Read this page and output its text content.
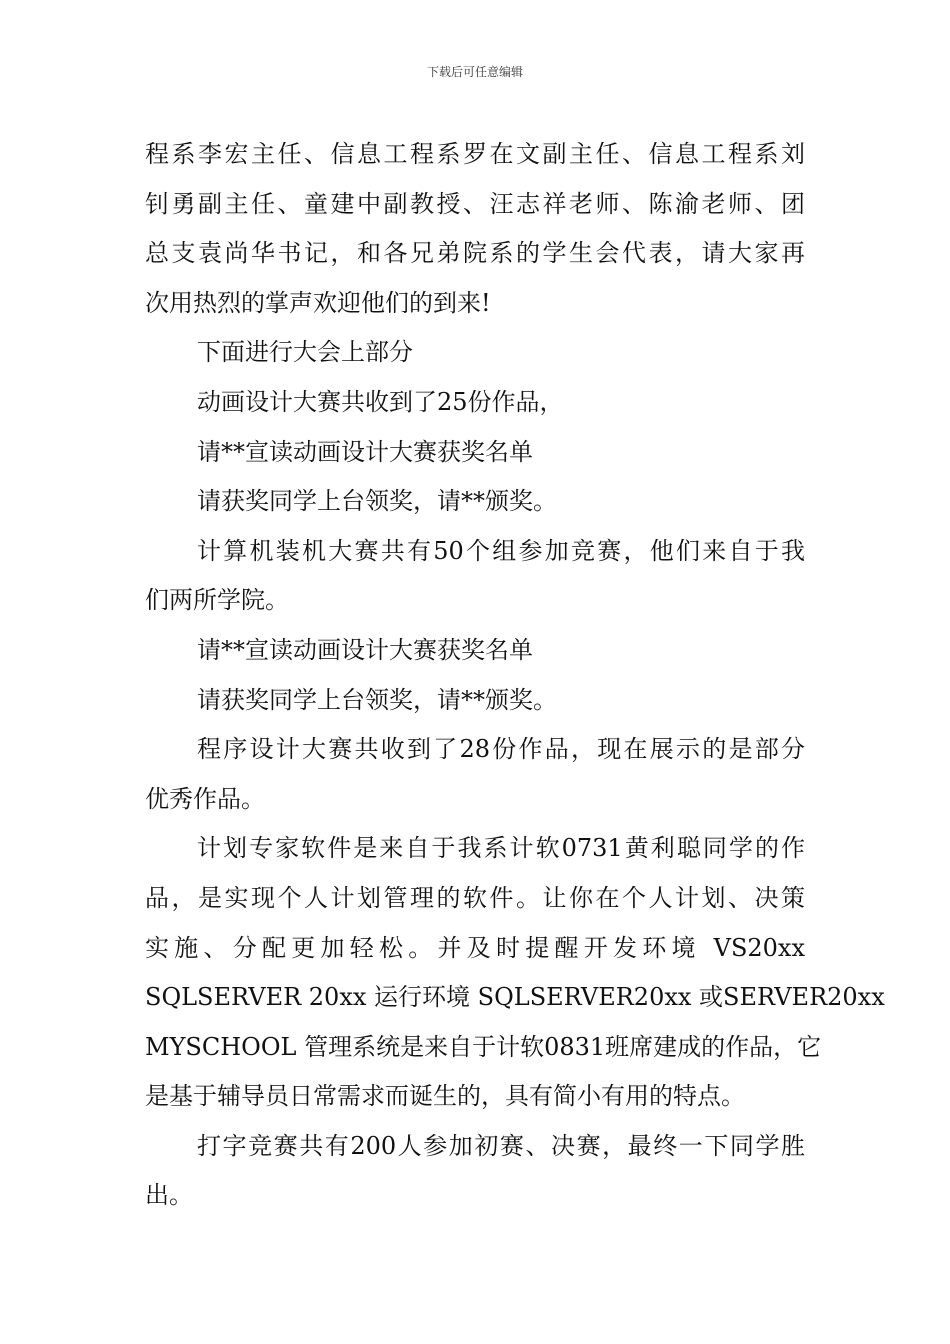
下载后可任意编辑
程系李宏主任、信息工程系罗在文副主任、信息工程系刘
钊勇副主任、童建中副教授、汪志祥老师、陈渝老师、团
总支袁尚华书记，和各兄弟院系的学生会代表，请大家再
次用热烈的掌声欢迎他们的到来!
下面进行大会上部分
动画设计大赛共收到了25份作品，
请**宣读动画设计大赛获奖名单
请获奖同学上台领奖，请**颁奖。
计算机装机大赛共有50个组参加竞赛，他们来自于我
们两所学院。
请**宣读动画设计大赛获奖名单
请获奖同学上台领奖，请**颁奖。
程序设计大赛共收到了28份作品，现在展示的是部分
优秀作品。
计划专家软件是来自于我系计软0731黄利聪同学的作
品，是实现个人计划管理的软件。让你在个人计划、决策
实施、分配更加轻松。并及时提醒开发环境 VS20xx
SQLSERVER 20xx 运行环境 SQLSERVER20xx 或SERVER20xx
MYSCHOOL 管理系统是来自于计软0831班席建成的作品，它
是基于辅导员日常需求而诞生的，具有简小有用的特点。
打字竞赛共有200人参加初赛、决赛，最终一下同学胜
出。
